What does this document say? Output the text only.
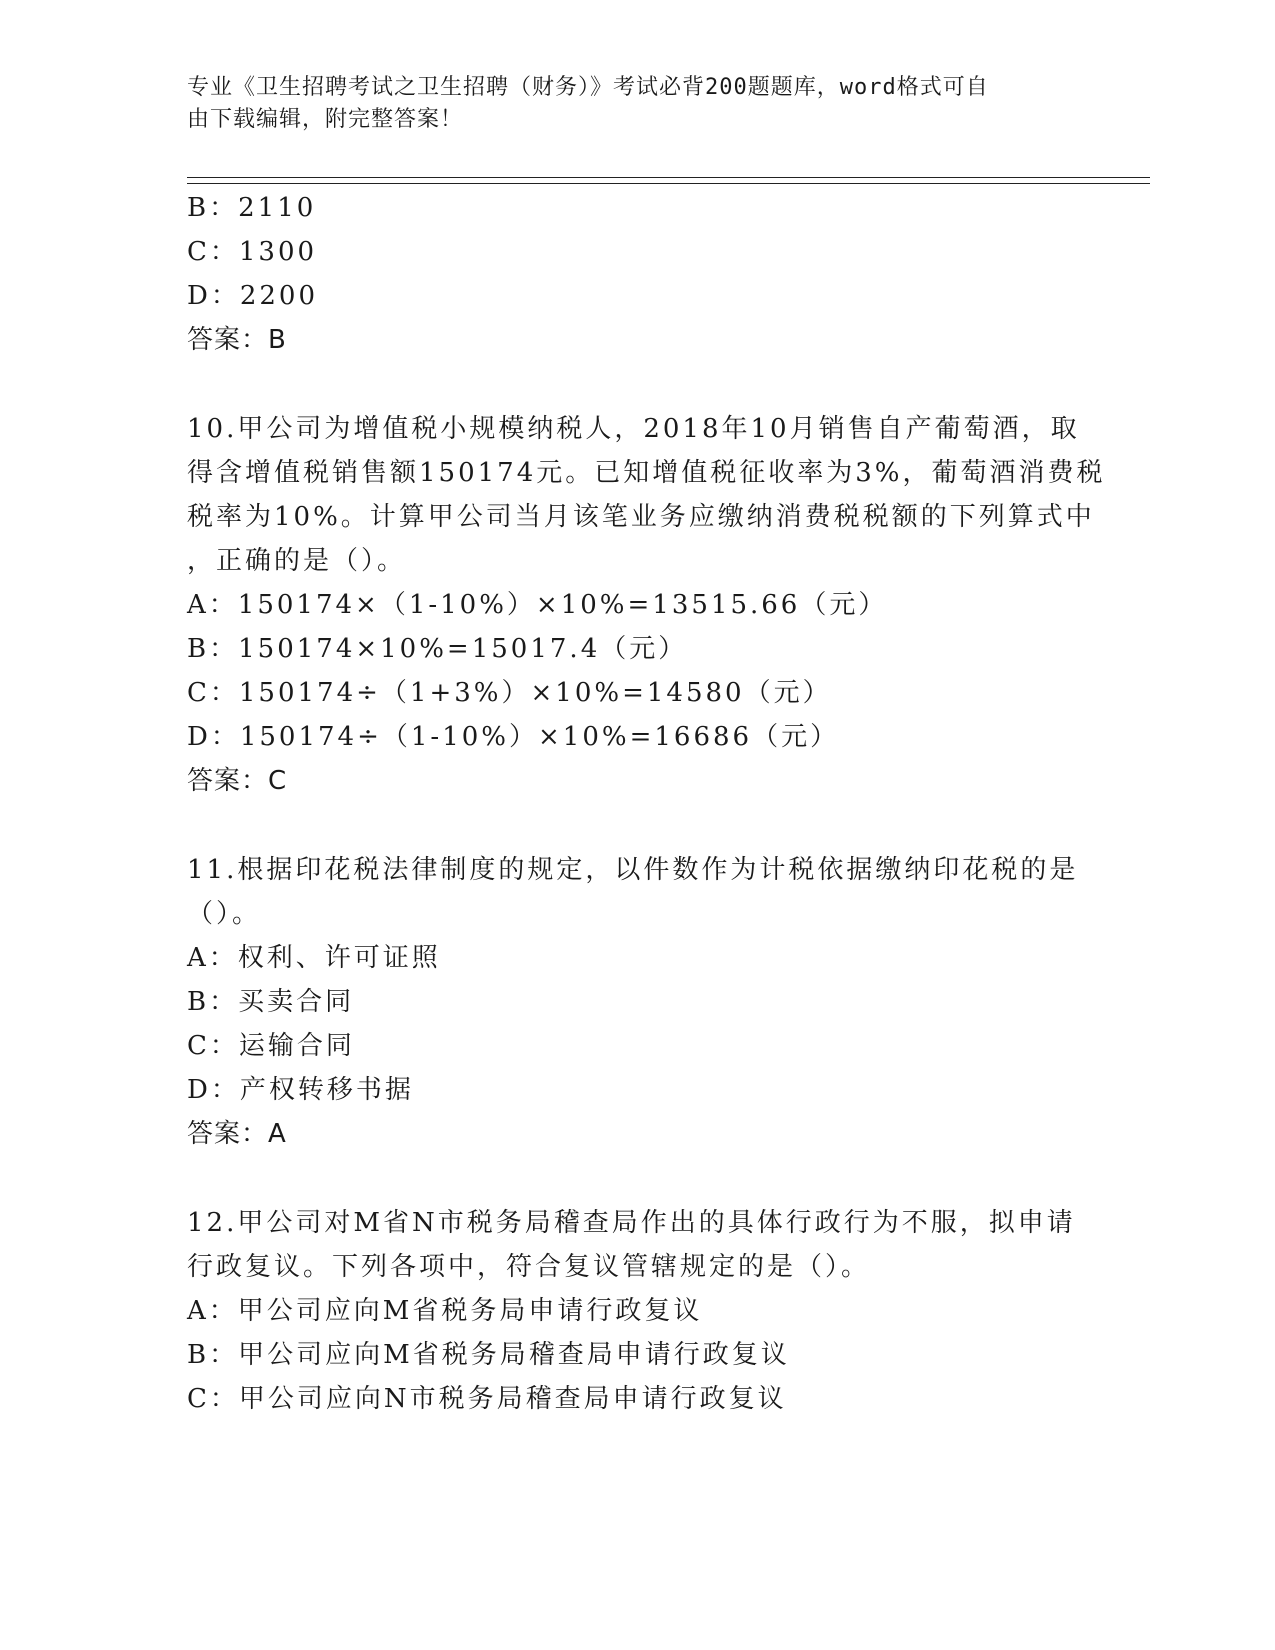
专业《卫生招聘考试之卫生招聘（财务）》考试必背200题题库，word格式可自
由下载编辑，附完整答案！
B：2110
C：1300
D：2200
答案：B
10.甲公司为增值税小规模纳税人，2018年10月销售自产葡萄酒，取
得含增值税销售额150174元。已知增值税征收率为3%，葡萄酒消费税
税率为10%。计算甲公司当月该笔业务应缴纳消费税税额的下列算式中
，正确的是（）。
A：150174×（1-10%）×10%=13515.66（元）
B：150174×10%=15017.4（元）
C：150174÷（1+3%）×10%=14580（元）
D：150174÷（1-10%）×10%=16686（元）
答案：C
11.根据印花税法律制度的规定，以件数作为计税依据缴纳印花税的是
（）。
A：权利、许可证照
B：买卖合同
C：运输合同
D：产权转移书据
答案：A
12.甲公司对M省N市税务局稽查局作出的具体行政行为不服，拟申请
行政复议。下列各项中，符合复议管辖规定的是（）。
A：甲公司应向M省税务局申请行政复议
B：甲公司应向M省税务局稽查局申请行政复议
C：甲公司应向N市税务局稽查局申请行政复议
